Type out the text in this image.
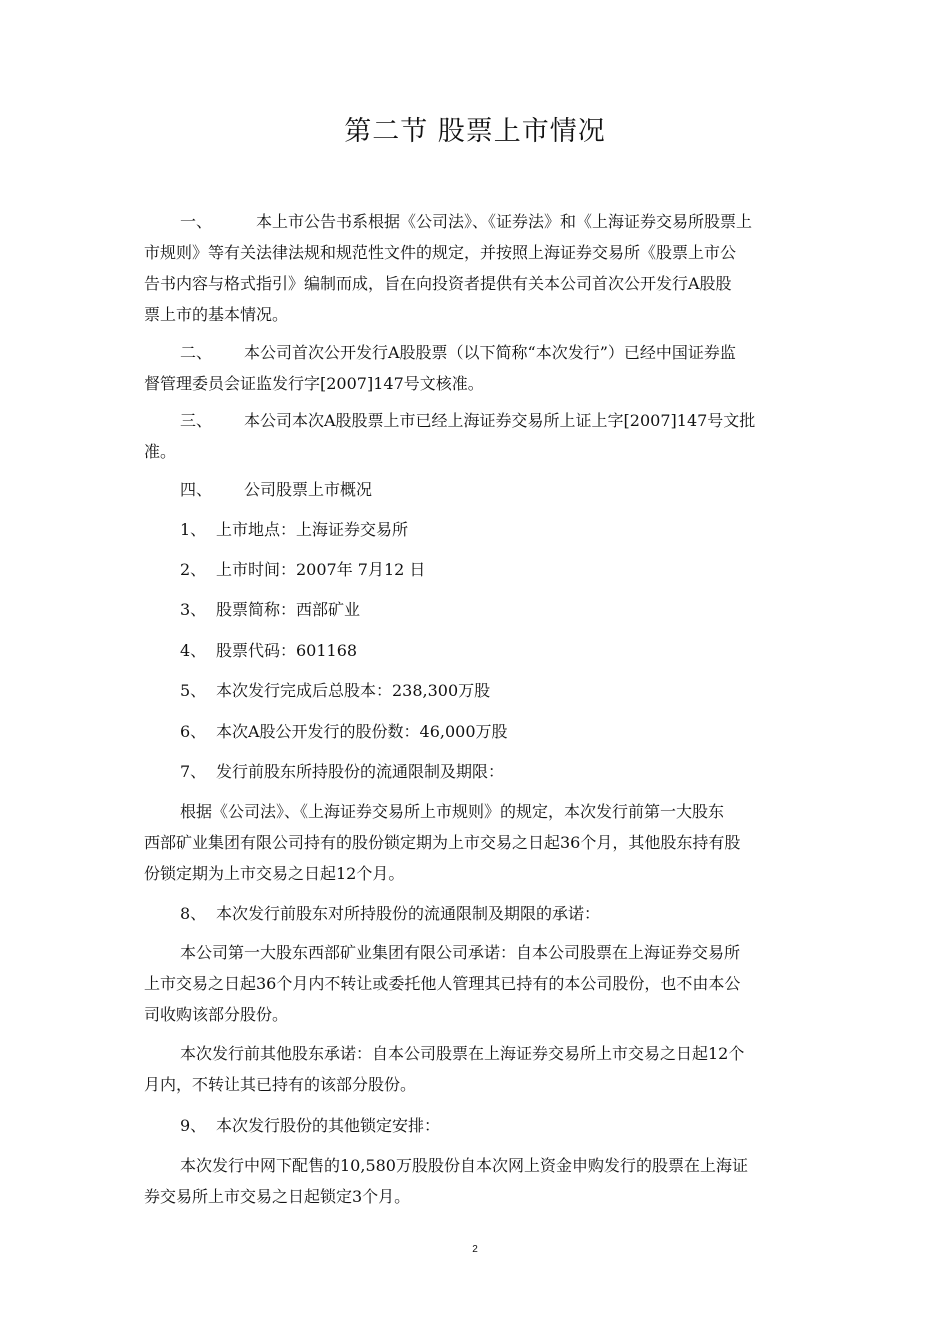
第二节 股票上市情况
一、	本上市公告书系根据《公司法》、《证券法》和《上海证券交易所股票上
市规则》等有关法律法规和规范性文件的规定，并按照上海证券交易所《股票上市公
告书内容与格式指引》编制而成，旨在向投资者提供有关本公司首次公开发行A股股
票上市的基本情况。
二、 本公司首次公开发行A股股票（以下简称“本次发行”）已经中国证券监
督管理委员会证监发行字[2007]147号文核准。
三、 本公司本次A股股票上市已经上海证券交易所上证上字[2007]147号文批
准。
四、 公司股票上市概况
1、 上市地点：上海证券交易所
2、 上市时间：2007年 7月12 日
3、 股票简称：西部矿业
4、 股票代码：601168
5、 本次发行完成后总股本：238,300万股
6、 本次A股公开发行的股份数：46,000万股
7、 发行前股东所持股份的流通限制及期限：
根据《公司法》、《上海证券交易所上市规则》的规定，本次发行前第一大股东
西部矿业集团有限公司持有的股份锁定期为上市交易之日起36个月，其他股东持有股
份锁定期为上市交易之日起12个月。
8、 本次发行前股东对所持股份的流通限制及期限的承诺：
本公司第一大股东西部矿业集团有限公司承诺：自本公司股票在上海证券交易所
上市交易之日起36个月内不转让或委托他人管理其已持有的本公司股份，也不由本公
司收购该部分股份。
本次发行前其他股东承诺：自本公司股票在上海证券交易所上市交易之日起12个
月内，不转让其已持有的该部分股份。
9、 本次发行股份的其他锁定安排：
本次发行中网下配售的10,580万股股份自本次网上资金申购发行的股票在上海证
券交易所上市交易之日起锁定3个月。
2
